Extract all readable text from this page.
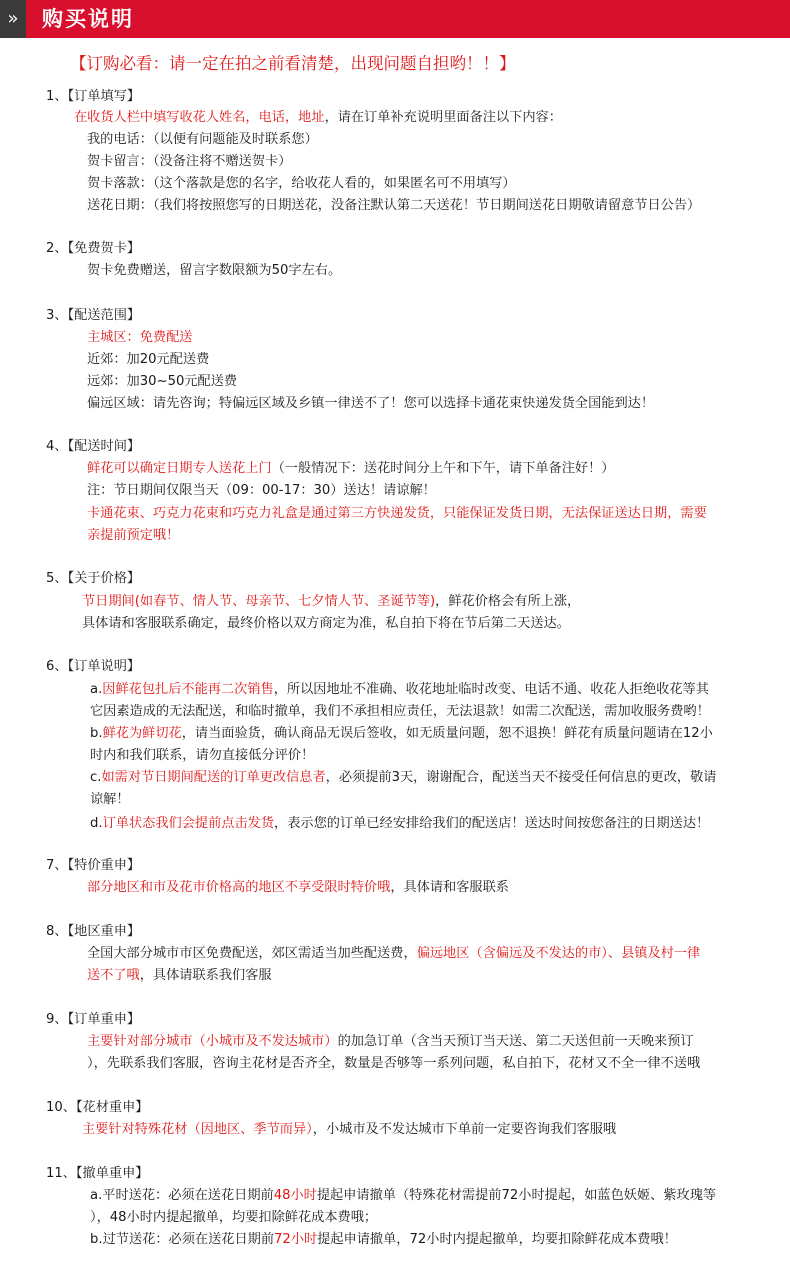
»	购买说明
【订购必看：请一定在拍之前看清楚，出现问题自担哟！！】
1、【订单填写】
在收货人栏中填写收花人姓名，电话，地址，请在订单补充说明里面备注以下内容：
我的电话：（以便有问题能及时联系您）
贺卡留言：（没备注将不赠送贺卡）
贺卡落款：（这个落款是您的名字，给收花人看的，如果匿名可不用填写）
送花日期：（我们将按照您写的日期送花，没备注默认第二天送花！节日期间送花日期敬请留意节日公告）
2、【免费贺卡】
贺卡免费赠送，留言字数限额为50字左右。
3、【配送范围】
主城区：免费配送
近郊：加20元配送费
远郊：加30~50元配送费
偏远区域：请先咨询；特偏远区域及乡镇一律送不了！您可以选择卡通花束快递发货全国能到达！
4、【配送时间】
鲜花可以确定日期专人送花上门（一般情况下：送花时间分上午和下午，请下单备注好！）
注：节日期间仅限当天（09：00-17：30）送达！请谅解！
卡通花束、巧克力花束和巧克力礼盒是通过第三方快递发货，只能保证发货日期，无法保证送达日期，需要
亲提前预定哦！
5、【关于价格】
节日期间(如春节、情人节、母亲节、七夕情人节、圣诞节等)，鲜花价格会有所上涨，
具体请和客服联系确定，最终价格以双方商定为准，私自拍下将在节后第二天送达。
6、【订单说明】
a.因鲜花包扎后不能再二次销售，所以因地址不准确、收花地址临时改变、电话不通、收花人拒绝收花等其
它因素造成的无法配送，和临时撤单，我们不承担相应责任，无法退款！如需二次配送，需加收服务费哟！
b.鲜花为鲜切花，请当面验货，确认商品无误后签收，如无质量问题，恕不退换！鲜花有质量问题请在12小
时内和我们联系，请勿直接低分评价！
c.如需对节日期间配送的订单更改信息者，必须提前3天，谢谢配合，配送当天不接受任何信息的更改，敬请
谅解！
d.订单状态我们会提前点击发货，表示您的订单已经安排给我们的配送店！送达时间按您备注的日期送达！
7、【特价重申】
部分地区和市及花市价格高的地区不享受限时特价哦，具体请和客服联系
8、【地区重申】
全国大部分城市市区免费配送，郊区需适当加些配送费，偏远地区（含偏远及不发达的市）、县镇及村一律
送不了哦，具体请联系我们客服
9、【订单重申】
主要针对部分城市（小城市及不发达城市）的加急订单（含当天预订当天送、第二天送但前一天晚来预订
），先联系我们客服，咨询主花材是否齐全，数量是否够等一系列问题，私自拍下，花材又不全一律不送哦
10、【花材重申】
主要针对特殊花材（因地区、季节而异），小城市及不发达城市下单前一定要咨询我们客服哦
11、【撤单重申】
a.平时送花：必须在送花日期前48小时提起申请撤单（特殊花材需提前72小时提起，如蓝色妖姬、紫玫瑰等
），48小时内提起撤单，均要扣除鲜花成本费哦；
b.过节送花：必须在送花日期前72小时提起申请撤单，72小时内提起撤单，均要扣除鲜花成本费哦！
